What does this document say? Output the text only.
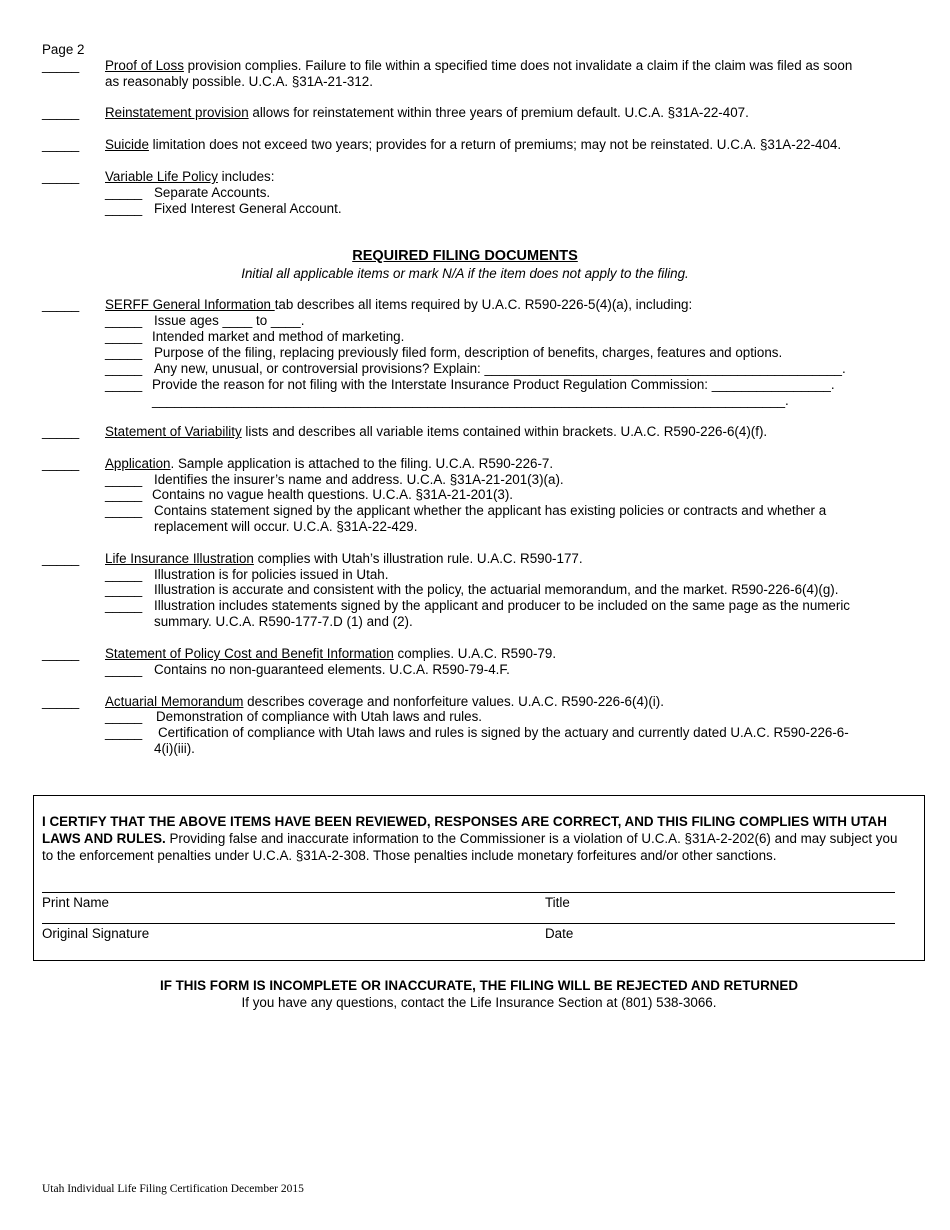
Page 2
_____ Proof of Loss provision complies. Failure to file within a specified time does not invalidate a claim if the claim was filed as soon
as reasonably possible. U.C.A. §31A-21-312.
_____ Reinstatement provision allows for reinstatement within three years of premium default. U.C.A. §31A-22-407.
_____ Suicide limitation does not exceed two years; provides for a return of premiums; may not be reinstated. U.C.A. §31A-22-404.
_____ Variable Life Policy includes:
_____ Separate Accounts.
_____ Fixed Interest General Account.
REQUIRED FILING DOCUMENTS
Initial all applicable items or mark N/A if the item does not apply to the filing.
_____ SERFF General Information tab describes all items required by U.A.C. R590-226-5(4)(a), including:
_____ Issue ages ____ to ____.
_____ Intended market and method of marketing.
_____ Purpose of the filing, replacing previously filed form, description of benefits, charges, features and options.
_____ Any new, unusual, or controversial provisions? Explain: ________________________________________________.
_____ Provide the reason for not filing with the Interstate Insurance Product Regulation Commission: ________________.
_____________________________________________________________________________________.
_____ Statement of Variability lists and describes all variable items contained within brackets. U.A.C. R590-226-6(4)(f).
_____ Application. Sample application is attached to the filing. U.C.A. R590-226-7.
_____ Identifies the insurer’s name and address. U.C.A. §31A-21-201(3)(a).
_____ Contains no vague health questions. U.C.A. §31A-21-201(3).
_____ Contains statement signed by the applicant whether the applicant has existing policies or contracts and whether a
replacement will occur. U.C.A. §31A-22-429.
_____ Life Insurance Illustration complies with Utah’s illustration rule. U.A.C. R590-177.
_____ Illustration is for policies issued in Utah.
_____ Illustration is accurate and consistent with the policy, the actuarial memorandum, and the market. R590-226-6(4)(g).
_____ Illustration includes statements signed by the applicant and producer to be included on the same page as the numeric
summary. U.C.A. R590-177-7.D (1) and (2).
_____ Statement of Policy Cost and Benefit Information complies. U.A.C. R590-79.
_____ Contains no non-guaranteed elements. U.C.A. R590-79-4.F.
_____ Actuarial Memorandum describes coverage and nonforfeiture values. U.A.C. R590-226-6(4)(i).
_____ Demonstration of compliance with Utah laws and rules.
_____ Certification of compliance with Utah laws and rules is signed by the actuary and currently dated U.A.C. R590-226-6-
4(i)(iii).
I CERTIFY THAT THE ABOVE ITEMS HAVE BEEN REVIEWED, RESPONSES ARE CORRECT, AND THIS FILING COMPLIES WITH UTAH LAWS AND RULES. Providing false and inaccurate information to the Commissioner is a violation of U.C.A. §31A-2-202(6) and may subject you to the enforcement penalties under U.C.A. §31A-2-308. Those penalties include monetary forfeitures and/or other sanctions.
Print Name	Title
Original Signature	Date
IF THIS FORM IS INCOMPLETE OR INACCURATE, THE FILING WILL BE REJECTED AND RETURNED
If you have any questions, contact the Life Insurance Section at (801) 538-3066.
Utah Individual Life Filing Certification December 2015
